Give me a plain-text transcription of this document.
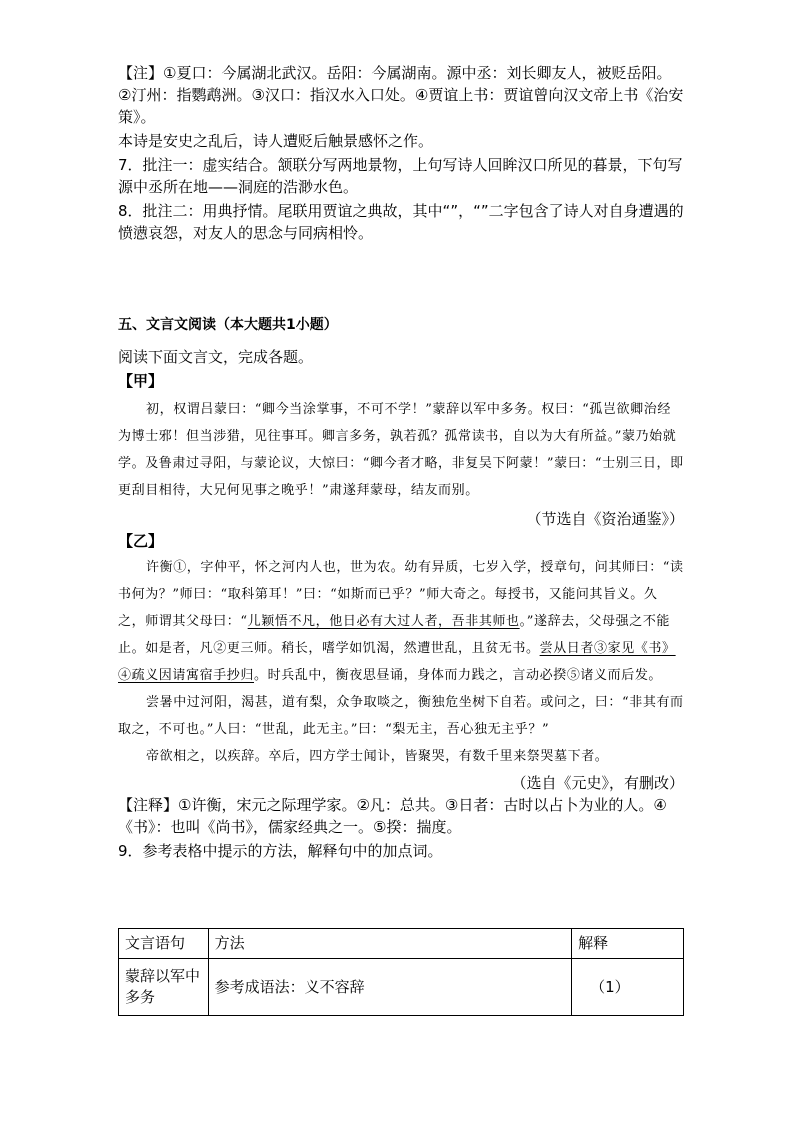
【注】①夏口：今属湖北武汉。岳阳：今属湖南。源中丞：刘长卿友人，被贬岳阳。②汀州：指鹦鹉洲。③汉口：指汉水入口处。④贾谊上书：贾谊曾向汉文帝上书《治安策》。

本诗是安史之乱后，诗人遭贬后触景感怀之作。

7．批注一：虚实结合。颔联分写两地景物，上句写诗人回眸汉口所见的暮景，下句写源中丞所在地——洞庭的浩渺水色。

8．批注二：用典抒情。尾联用贾谊之典故，其中“”，“”二字包含了诗人对自身遭遇的愤懑哀怨，对友人的思念与同病相怜。

五、文言文阅读（本大题共1小题）

阅读下面文言文，完成各题。

【甲】

初，权谓吕蒙曰：“卿今当涂掌事，不可不学！”蒙辞以军中多务。权曰：“孤岂欲卿治经为博士邪！但当涉猎，见往事耳。卿言多务，孰若孤？孤常读书，自以为大有所益。”蒙乃始就学。及鲁肃过寻阳，与蒙论议，大惊曰：“卿今者才略，非复吴下阿蒙！”蒙曰：“士别三日，即更刮目相待，大兄何见事之晚乎！”肃遂拜蒙母，结友而别。

（节选自《资治通鉴》）

【乙】

许衡①，字仲平，怀之河内人也，世为农。幼有异质，七岁入学，授章句，问其师曰：“读书何为？”师曰：“取科第耳！”曰：“如斯而已乎？”师大奇之。每授书，又能问其旨义。久之，师谓其父母曰：“儿颖悟不凡，他日必有大过人者，吾非其师也。”遂辞去，父母强之不能止。如是者，凡②更三师。稍长，嗜学如饥渴，然遭世乱，且贫无书。尝从日者③家见《书》④疏义因请寓宿手抄归。时兵乱中，衡夜思昼诵，身体而力践之，言动必揆⑤诸义而后发。

尝暑中过河阳，渴甚，道有梨，众争取啖之，衡独危坐树下自若。或问之，曰：“非其有而取之，不可也。”人曰：“世乱，此无主。”曰：“梨无主，吾心独无主乎？”

帝欲相之，以疾辞。卒后，四方学士闻讣，皆聚哭，有数千里来祭哭墓下者。

（选自《元史》，有删改）

【注释】①许衡，宋元之际理学家。②凡：总共。③日者：古时以占卜为业的人。④《书》：也叫《尚书》，儒家经典之一。⑤揆：揣度。

9．参考表格中提示的方法，解释句中的加点词。

文言语句	方法	解释
蒙辞以军中多务	参考成语法：义不容辞	（1）
